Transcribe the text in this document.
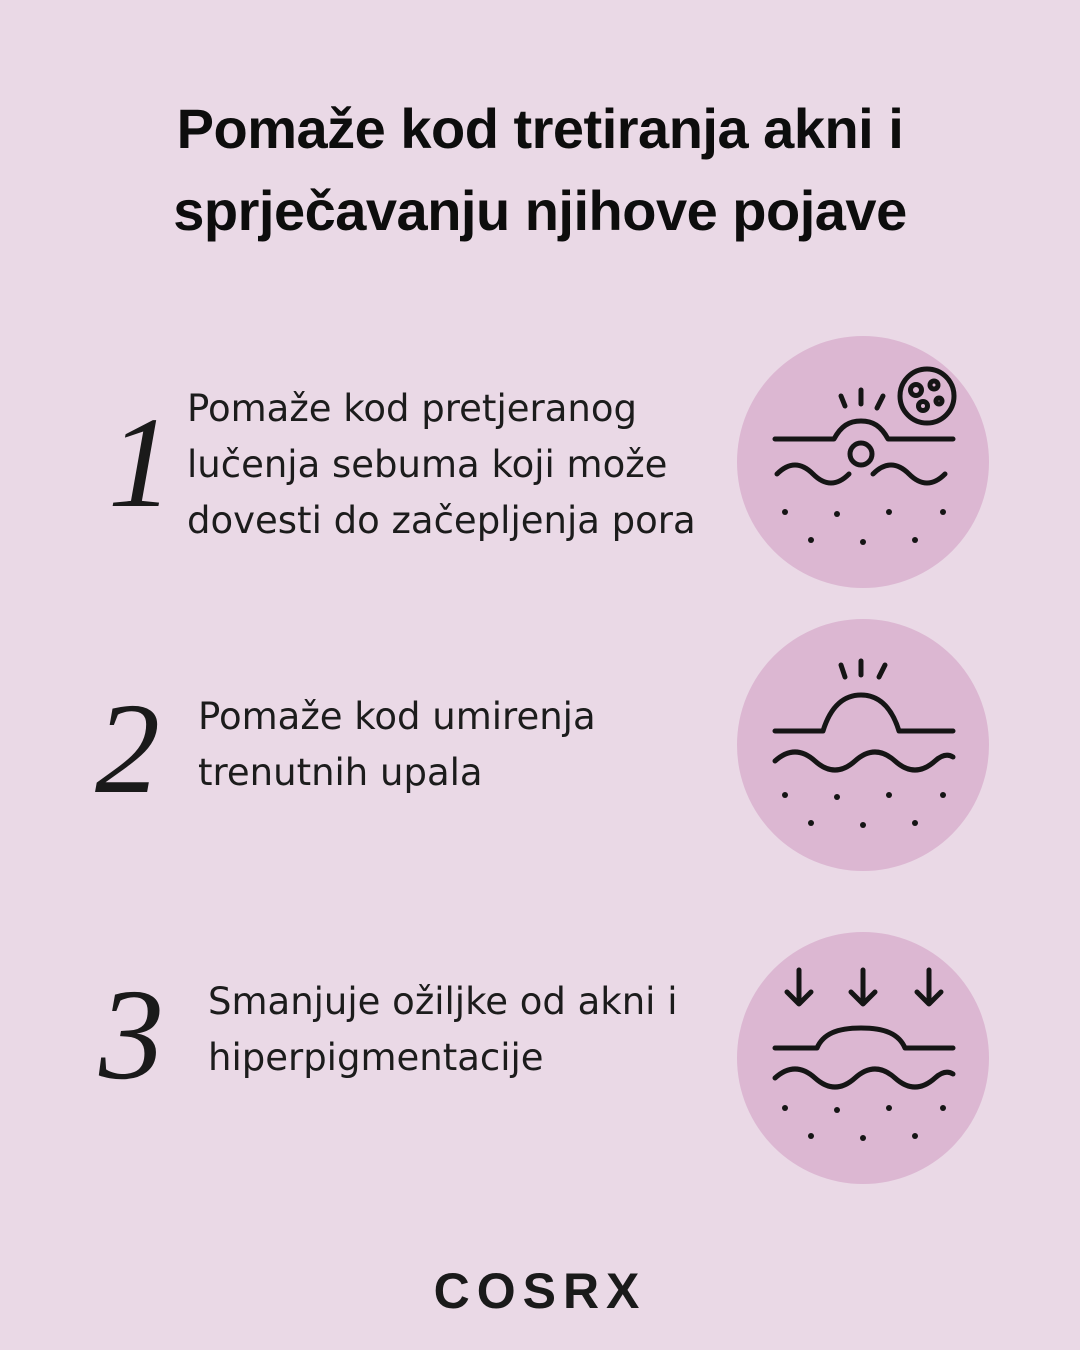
Pomaže kod tretiranja akni i
sprječavanju njihove pojave
1 Pomaže kod pretjeranog
lučenja sebuma koji može
dovesti do začepljenja pora

2 Pomaže kod umirenja
trenutnih upala

3 Smanjuje ožiljke od akni i
hiperpigmentacije

COSRX
